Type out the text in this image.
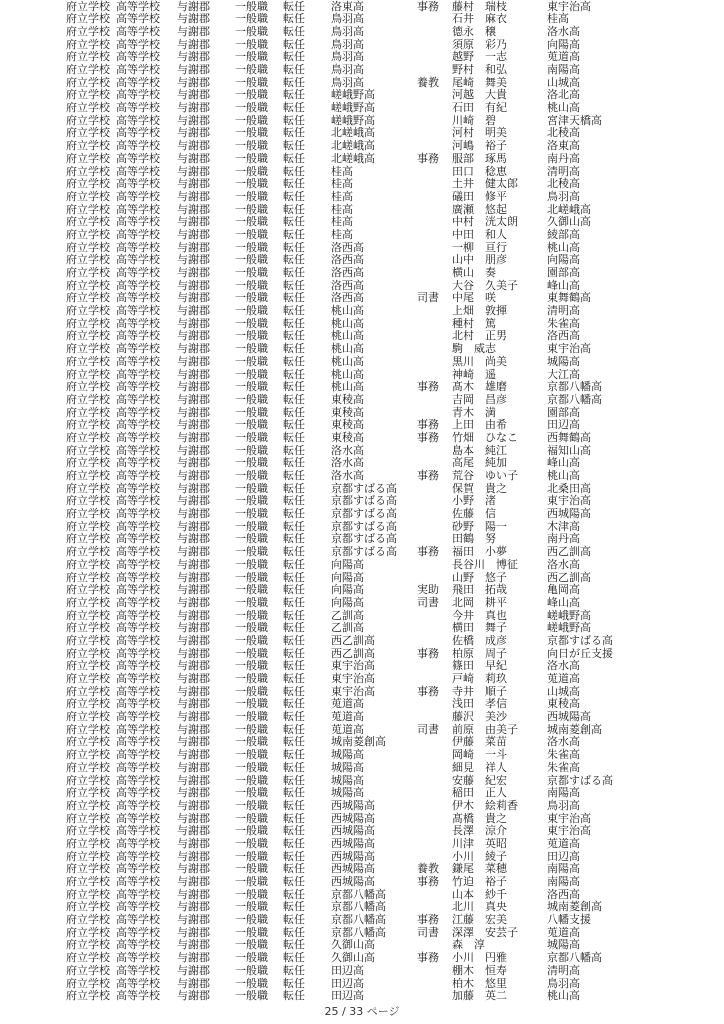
府立学校 高等学校	与謝郡	一般職	転任	洛東高	事務	藤村　瑞枝	東宇治高
府立学校 高等学校	与謝郡	一般職	転任	鳥羽高	石井　麻衣	桂高
府立学校 高等学校	与謝郡	一般職	転任	鳥羽高	德永　穣	洛水高
府立学校 高等学校	与謝郡	一般職	転任	鳥羽高	須原　彩乃	向陽高
府立学校 高等学校	与謝郡	一般職	転任	鳥羽高	越野　一志	莵道高
府立学校 高等学校	与謝郡	一般職	転任	鳥羽高	野村　和弘	南陽高
府立学校 高等学校	与謝郡	一般職	転任	鳥羽高	養教	尾崎　舞美	山城高
府立学校 高等学校	与謝郡	一般職	転任	嵯峨野高	河越　大貴	洛北高
府立学校 高等学校	与謝郡	一般職	転任	嵯峨野高	石田　有紀	桃山高
府立学校 高等学校	与謝郡	一般職	転任	嵯峨野高	川崎　碧	宮津天橋高
府立学校 高等学校	与謝郡	一般職	転任	北嵯峨高	河村　明美	北稜高
府立学校 高等学校	与謝郡	一般職	転任	北嵯峨高	河嶋　裕子	洛東高
府立学校 高等学校	与謝郡	一般職	転任	北嵯峨高	事務	服部　琢馬	南丹高
府立学校 高等学校	与謝郡	一般職	転任	桂高	田口　稔恵	清明高
府立学校 高等学校	与謝郡	一般職	転任	桂高	土井　健太郎	北稜高
府立学校 高等学校	与謝郡	一般職	転任	桂高	礒田　修平	鳥羽高
府立学校 高等学校	与謝郡	一般職	転任	桂高	廣瀬　悠起	北嵯峨高
府立学校 高等学校	与謝郡	一般職	転任	桂高	中村　洸太朗	久御山高
府立学校 高等学校	与謝郡	一般職	転任	桂高	中田　和人	綾部高
府立学校 高等学校	与謝郡	一般職	転任	洛西高	一柳　亘行	桃山高
府立学校 高等学校	与謝郡	一般職	転任	洛西高	山中　朋彦	向陽高
府立学校 高等学校	与謝郡	一般職	転任	洛西高	横山　奏	園部高
府立学校 高等学校	与謝郡	一般職	転任	洛西高	大谷　久美子	峰山高
府立学校 高等学校	与謝郡	一般職	転任	洛西高	司書	中尾　咲	東舞鶴高
府立学校 高等学校	与謝郡	一般職	転任	桃山高	上畑　敦揮	清明高
府立学校 高等学校	与謝郡	一般職	転任	桃山高	種村　篤	朱雀高
府立学校 高等学校	与謝郡	一般職	転任	桃山高	北村　正男	洛西高
府立学校 高等学校	与謝郡	一般職	転任	桃山高	駒　威志	東宇治高
府立学校 高等学校	与謝郡	一般職	転任	桃山高	黒川　尚美	城陽高
府立学校 高等学校	与謝郡	一般職	転任	桃山高	神崎　遥	大江高
府立学校 高等学校	与謝郡	一般職	転任	桃山高	事務	髙木　雄磨	京都八幡高
府立学校 高等学校	与謝郡	一般職	転任	東稜高	吉岡　昌彦	京都八幡高
府立学校 高等学校	与謝郡	一般職	転任	東稜高	青木　満	園部高
府立学校 高等学校	与謝郡	一般職	転任	東稜高	事務	上田　由希	田辺高
府立学校 高等学校	与謝郡	一般職	転任	東稜高	事務	竹畑　ひなこ	西舞鶴高
府立学校 高等学校	与謝郡	一般職	転任	洛水高	島本　純江	福知山高
府立学校 高等学校	与謝郡	一般職	転任	洛水高	高尾　純加	峰山高
府立学校 高等学校	与謝郡	一般職	転任	洛水高	事務	荒谷　ゆい子	桃山高
府立学校 高等学校	与謝郡	一般職	転任	京都すばる高	保賀　貴之	北桑田高
府立学校 高等学校	与謝郡	一般職	転任	京都すばる高	小野　渚	東宇治高
府立学校 高等学校	与謝郡	一般職	転任	京都すばる高	佐藤　信	西城陽高
府立学校 高等学校	与謝郡	一般職	転任	京都すばる高	砂野　陽一	木津高
府立学校 高等学校	与謝郡	一般職	転任	京都すばる高	田鶴　努	南丹高
府立学校 高等学校	与謝郡	一般職	転任	京都すばる高	事務	福田　小夢	西乙訓高
府立学校 高等学校	与謝郡	一般職	転任	向陽高	長谷川　博征	洛水高
府立学校 高等学校	与謝郡	一般職	転任	向陽高	山野　悠子	西乙訓高
府立学校 高等学校	与謝郡	一般職	転任	向陽高	実助	飛田　拓哉	亀岡高
府立学校 高等学校	与謝郡	一般職	転任	向陽高	司書	北岡　耕平	峰山高
府立学校 高等学校	与謝郡	一般職	転任	乙訓高	今井　真也	嵯峨野高
府立学校 高等学校	与謝郡	一般職	転任	乙訓高	横田　舞子	嵯峨野高
府立学校 高等学校	与謝郡	一般職	転任	西乙訓高	佐橋　成彦	京都すばる高
府立学校 高等学校	与謝郡	一般職	転任	西乙訓高	事務	柏原　周子	向日が丘支援
府立学校 高等学校	与謝郡	一般職	転任	東宇治高	篠田　早紀	洛水高
府立学校 高等学校	与謝郡	一般職	転任	東宇治高	戸崎　莉玖	莵道高
府立学校 高等学校	与謝郡	一般職	転任	東宇治高	事務	寺井　順子	山城高
府立学校 高等学校	与謝郡	一般職	転任	莵道高	浅田　孝信	東稜高
府立学校 高等学校	与謝郡	一般職	転任	莵道高	藤沢　美沙	西城陽高
府立学校 高等学校	与謝郡	一般職	転任	莵道高	司書	前原　由美子	城南菱創高
府立学校 高等学校	与謝郡	一般職	転任	城南菱創高	伊藤　菜苗	洛水高
府立学校 高等学校	与謝郡	一般職	転任	城陽高	岡崎　一斗	朱雀高
府立学校 高等学校	与謝郡	一般職	転任	城陽高	細見　祥人	朱雀高
府立学校 高等学校	与謝郡	一般職	転任	城陽高	安藤　紀宏	京都すばる高
府立学校 高等学校	与謝郡	一般職	転任	城陽高	稲田　正人	南陽高
府立学校 高等学校	与謝郡	一般職	転任	西城陽高	伊木　絵莉香	鳥羽高
府立学校 高等学校	与謝郡	一般職	転任	西城陽高	髙橋　貴之	東宇治高
府立学校 高等学校	与謝郡	一般職	転任	西城陽高	長澤　涼介	東宇治高
府立学校 高等学校	与謝郡	一般職	転任	西城陽高	川津　英昭	莵道高
府立学校 高等学校	与謝郡	一般職	転任	西城陽高	小川　綾子	田辺高
府立学校 高等学校	与謝郡	一般職	転任	西城陽高	養教	鎌尾　菜穂	南陽高
府立学校 高等学校	与謝郡	一般職	転任	西城陽高	事務	竹迫　裕子	南陽高
府立学校 高等学校	与謝郡	一般職	転任	京都八幡高	山本　紗千	洛西高
府立学校 高等学校	与謝郡	一般職	転任	京都八幡高	北川　真央	城南菱創高
府立学校 高等学校	与謝郡	一般職	転任	京都八幡高	事務	江藤　宏美	八幡支援
府立学校 高等学校	与謝郡	一般職	転任	京都八幡高	司書	深澤　安芸子	莵道高
府立学校 高等学校	与謝郡	一般職	転任	久御山高	森　淳	城陽高
府立学校 高等学校	与謝郡	一般職	転任	久御山高	事務	小川　円雅	京都八幡高
府立学校 高等学校	与謝郡	一般職	転任	田辺高	棚木　恒寿	清明高
府立学校 高等学校	与謝郡	一般職	転任	田辺高	柏木　悠里	鳥羽高
府立学校 高等学校	与謝郡	一般職	転任	田辺高	加藤　英二	桃山高
25 / 33 ページ
